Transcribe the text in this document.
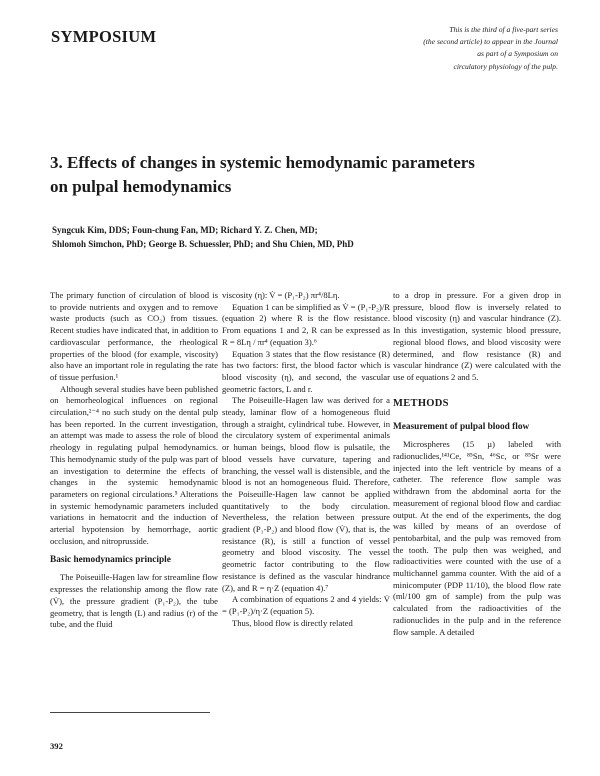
SYMPOSIUM	This is the third of a five-part series
(the second article) to appear in the Journal
as part of a Symposium on
circulatory physiology of the pulp.
3. Effects of changes in systemic hemodynamic parameters
on pulpal hemodynamics
Syngcuk Kim, DDS; Foun-chung Fan, MD; Richard Y. Z. Chen, MD;
Shlomoh Simchon, PhD; George B. Schuessler, PhD; and Shu Chien, MD, PhD

The primary function of circulation of blood is to provide nutrients and oxygen and to remove waste products (such as CO₂) from tissues. Recent studies have indicated that, in addition to cardiovascular performance, the rheological properties of the blood (for example, viscosity) also have an important role in regulating the rate of tissue perfusion.¹

Although several studies have been published on hemorheological influences on regional circulation,²⁻⁴ no such study on the dental pulp has been reported. In the current investigation, an attempt was made to assess the role of blood rheology in regulating pulpal hemodynamics. This hemodynamic study of the pulp was part of an investigation to determine the effects of changes in the systemic hemodynamic parameters on regional circulations.⁵ Alterations in systemic hemodynamic parameters included variations in hematocrit and the induction of arterial hypotension by hemorrhage, aortic occlusion, and nitroprusside.

Basic hemodynamics principle

The Poiseuille-Hagen law for streamline flow expresses the relationship among the flow rate (V̇), the pressure gradient (P₁-P₂), the tube geometry, that is length (L) and radius (r) of the tube, and the fluid

viscosity (η): V̇ = (P₁-P₂) πr⁴/8Lη.

Equation 1 can be simplified as V̇ = (P₁-P₂)/R (equation 2) where R is the flow resistance. From equations 1 and 2, R can be expressed as R = 8Lη / πr⁴ (equation 3).⁶

Equation 3 states that the flow resistance (R) has two factors: first, the blood factor which is blood viscosity (η), and second, the vascular geometric factors, L and r.

The Poiseuille-Hagen law was derived for a steady, laminar flow of a homogeneous fluid through a straight, cylindrical tube. However, in the circulatory system of experimental animals or human beings, blood flow is pulsatile, the blood vessels have curvature, tapering and branching, the vessel wall is distensible, and the blood is not an homogeneous fluid. Therefore, the Poiseuille-Hagen law cannot be applied quantitatively to the body circulation. Nevertheless, the relation between pressure gradient (P₁-P₂) and blood flow (V̇), that is, the resistance (R), is still a function of vessel geometry and blood viscosity. The vessel geometric factor contributing to the flow resistance is defined as the vascular hindrance (Z), and R = η·Z (equation 4).⁷

A combination of equations 2 and 4 yields: V̇ = (P₁-P₂)/η·Z (equation 5).

Thus, blood flow is directly related

to a drop in pressure. For a given drop in pressure, blood flow is inversely related to blood viscosity (η) and vascular hindrance (Z). In this investigation, systemic blood pressure, regional blood flows, and blood viscosity were determined, and flow resistance (R) and vascular hindrance (Z) were calculated with the use of equations 2 and 5.

METHODS
Measurement of pulpal blood flow

Microspheres (15 µ) labeled with radionuclides,¹⁴¹Ce, ⁸⁵Sn, ⁴⁶Sc, or ⁸⁵Sr were injected into the left ventricle by means of a catheter. The reference flow sample was withdrawn from the abdominal aorta for the measurement of regional blood flow and cardiac output. At the end of the experiments, the dog was killed by means of an overdose of pentobarbital, and the pulp was removed from the tooth. The pulp then was weighed, and radioactivities were counted with the use of a multichannel gamma counter. With the aid of a minicomputer (PDP 11/10), the blood flow rate (ml/100 gm of sample) from the pulp was calculated from the radioactivities of the radionuclides in the pulp and in the reference flow sample. A detailed

392
